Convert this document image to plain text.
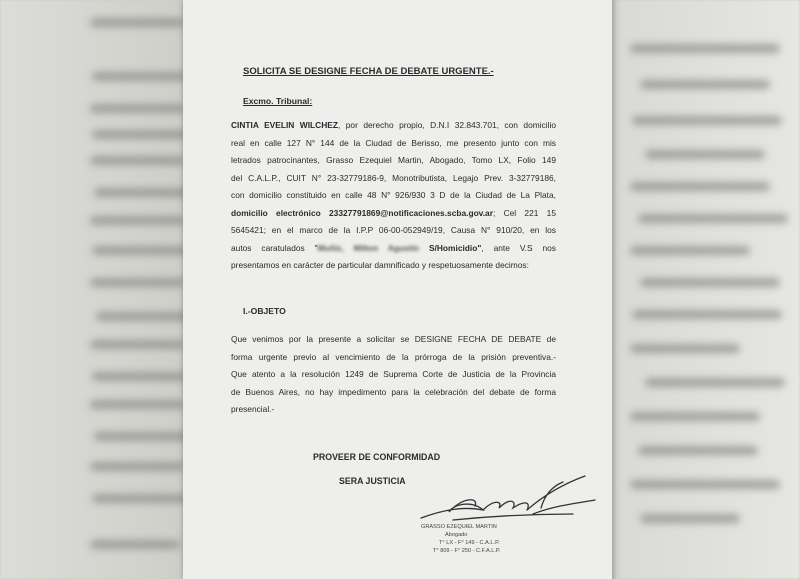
SOLICITA SE DESIGNE FECHA DE DEBATE URGENTE.-
Excmo. Tribunal:
CINTIA EVELIN WILCHEZ, por derecho propio, D.N.I 32.843.701, con domicilio
real en calle 127 N° 144 de la Ciudad de Berisso, me presento junto con mis
letrados patrocinantes, Grasso Ezequiel Martin, Abogado, Tomo LX, Folio 149
del C.A.L.P., CUIT N° 23-32779186-9, Monotributista, Legajo Prev. 3-32779186,
con domicilio constituido en calle 48 N° 926/930 3 D de la Ciudad de La Plata,
domicilio electrónico 23327791869@notificaciones.scba.gov.ar; Cel 221 15
5645421; en el marco de la I.P.P 06-00-052949/19, Causa N° 910/20, en los
autos caratulados "Muñiz, Milton Agustín S/Homicidio", ante V.S nos
presentamos en carácter de particular damnificado y respetuosamente decimos:
I.-OBJETO
Que venimos por la presente a solicitar se DESIGNE FECHA DE DEBATE de
forma urgente previo al vencimiento de la prórroga de la prisión preventiva.-
Que atento a la resolución 1249 de Suprema Corte de Justicia de la Provincia
de Buenos Aires, no hay impedimento para la celebración del debate de forma
presencial.-
PROVEER DE CONFORMIDAD
SERA JUSTICIA
GRASSO EZEQUIEL MARTIN
Abogado
T° LX - F° 149 - C.A.L.P.
T° 809 - F° 250 - C.F.A.L.P.
